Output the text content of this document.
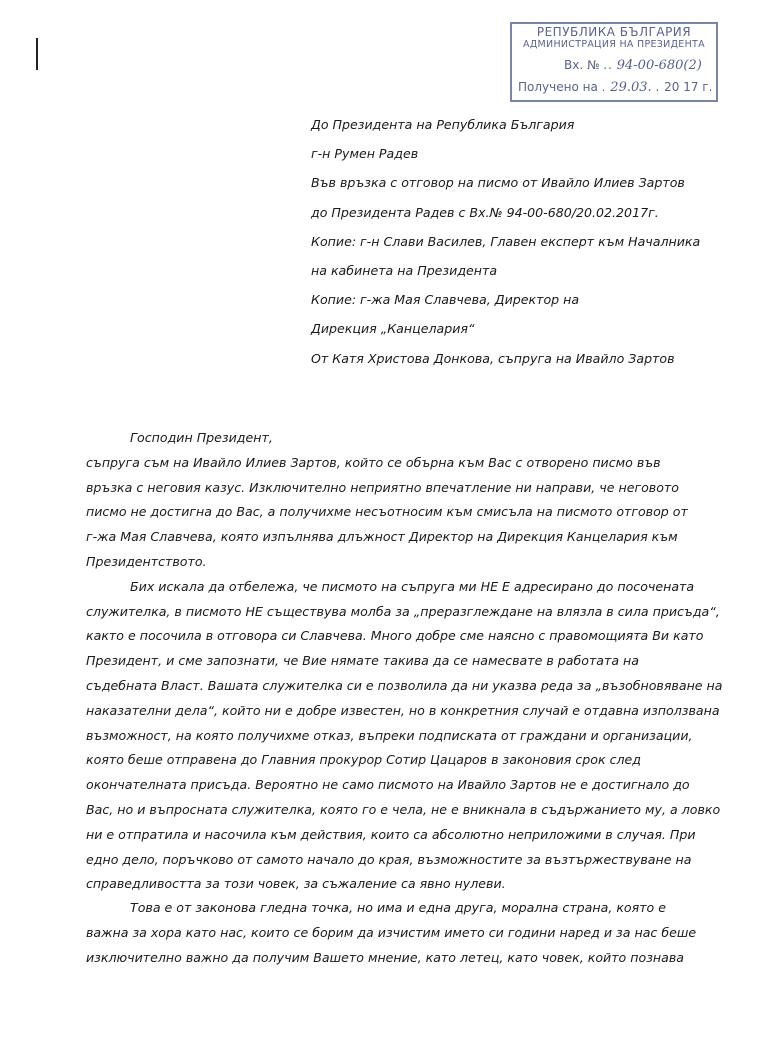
РЕПУБЛИКА БЪЛГАРИЯ
АДМИНИСТРАЦИЯ НА ПРЕЗИДЕНТА
Вх. № .. 94-00-680(2)
Получено на . 29.03. . 20 17 г.
До Президента на Република България
г-н Румен Радев
Във връзка с отговор на писмо от Ивайло Илиев Зартов
до Президента Радев с Вх.№ 94-00-680/20.02.2017г.
Копие: г-н Слави Василев, Главен експерт към Началника
на кабинета на Президента
Копие: г-жа Мая Славчева, Директор на
Дирекция „Канцелария“
От Катя Христова Донкова, съпруга на Ивайло Зартов

Господин Президент,

съпруга съм на Ивайло Илиев Зартов, който се обърна към Вас с отворено писмо във
връзка с неговия казус. Изключително неприятно впечатление ни направи, че неговото
писмо не достигна до Вас, а получихме несъотносим към смисъла на писмото отговор от
г-жа Мая Славчева, която изпълнява длъжност Директор на Дирекция Канцелария към
Президентството.
Бих искала да отбележа, че писмото на съпруга ми НЕ Е адресирано до посочената
служителка, в писмото НЕ съществува молба за „преразглеждане на влязла в сила присъда“,
както е посочила в отговора си Славчева. Много добре сме наясно с правомощията Ви като
Президент, и сме запознати, че Вие нямате такива да се намесвате в работата на
съдебната Власт. Вашата служителка си е позволила да ни указва реда за „възобновяване на
наказателни дела“, който ни е добре известен, но в конкретния случай е отдавна използвана
възможност, на която получихме отказ, въпреки подписката от граждани и организации,
която беше отправена до Главния прокурор Сотир Цацаров в законовия срок след
окончателната присъда. Вероятно не само писмото на Ивайло Зартов не е достигнало до
Вас, но и въпросната служителка, която го е чела, не е вникнала в съдържанието му, а ловко
ни е отпратила и насочила към действия, които са абсолютно неприложими в случая. При
едно дело, поръчково от самото начало до края, възможностите за възтържествуване на
справедливостта за този човек, за съжаление са явно нулеви.
Това е от законова гледна точка, но има и една друга, морална страна, която е
важна за хора като нас, които се борим да изчистим името си години наред и за нас беше
изключително важно да получим Вашето мнение, като летец, като човек, който познава
